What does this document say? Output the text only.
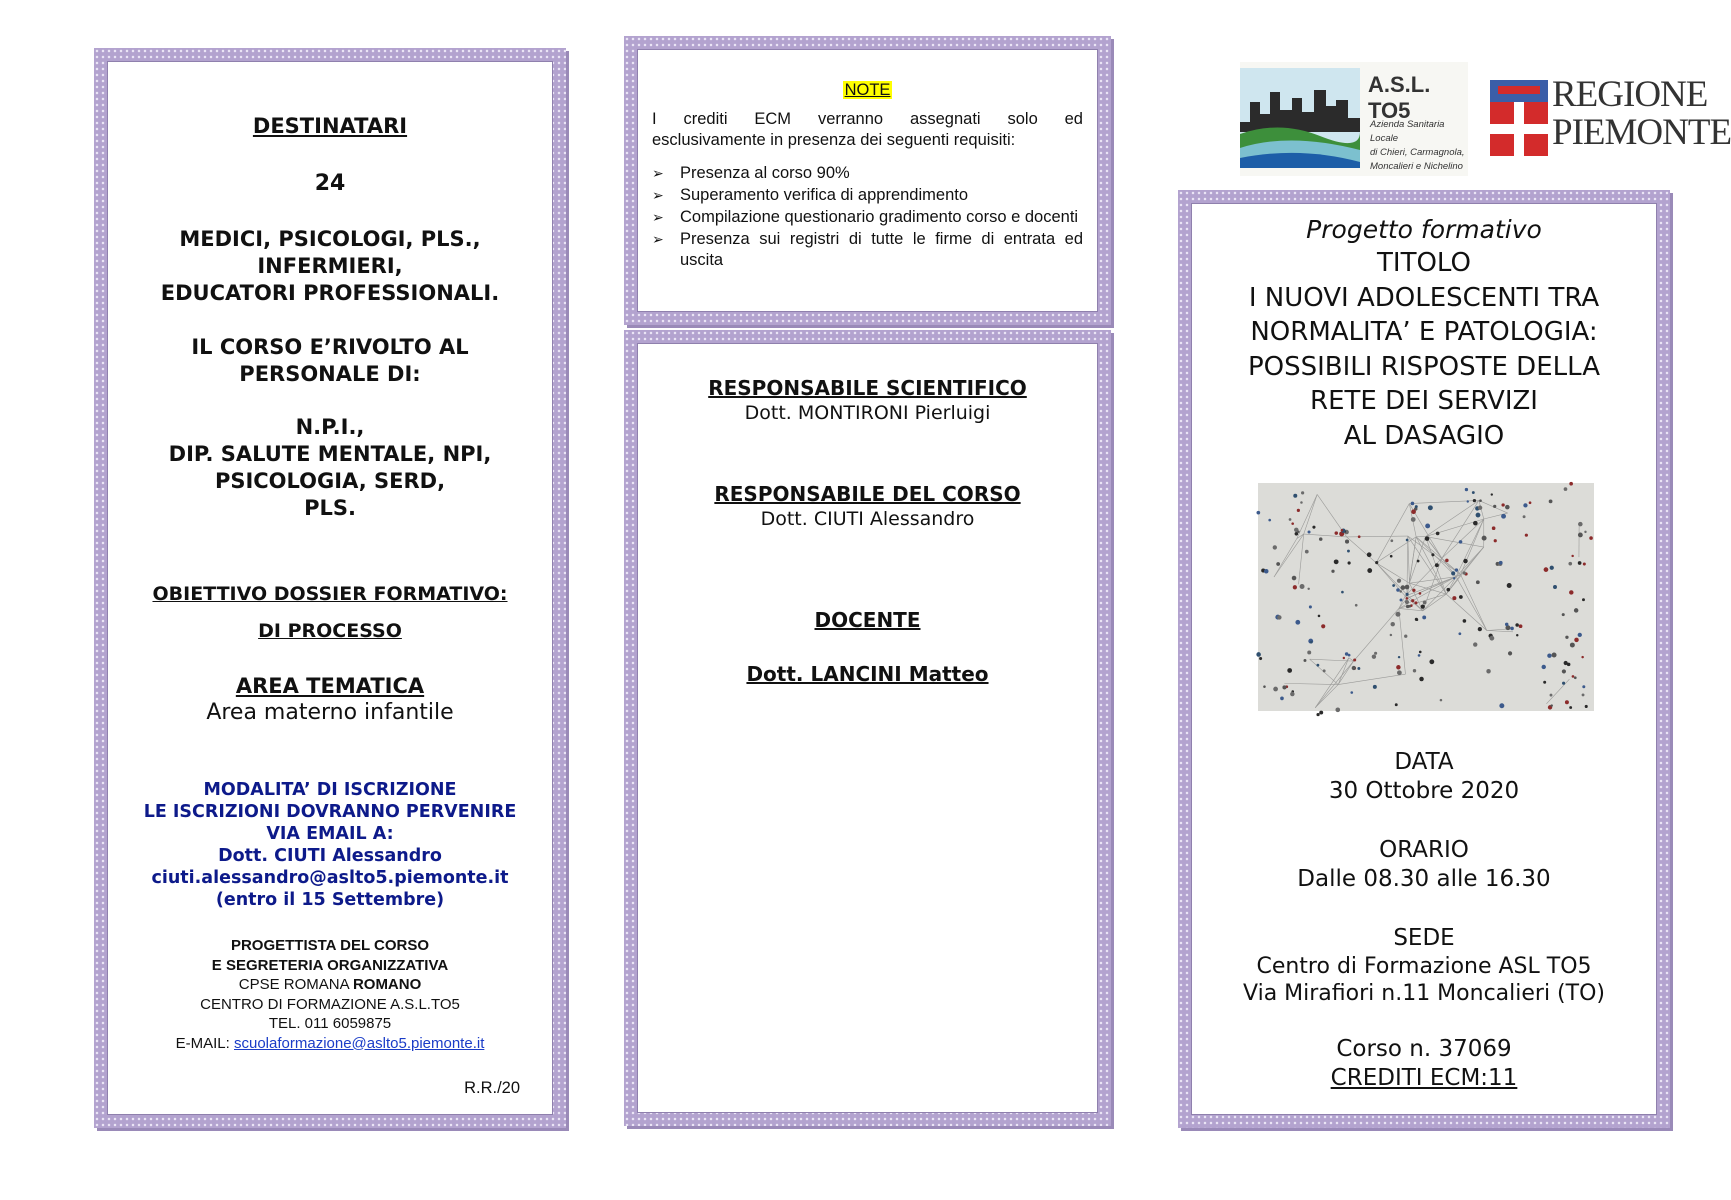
DESTINATARI
24
MEDICI, PSICOLOGI, PLS.,
INFERMIERI,
EDUCATORI PROFESSIONALI.
IL CORSO E’RIVOLTO AL
PERSONALE DI:
N.P.I.,
DIP. SALUTE MENTALE, NPI,
PSICOLOGIA, SERD,
PLS.
OBIETTIVO DOSSIER FORMATIVO:
DI PROCESSO
AREA TEMATICA
Area materno infantile
MODALITA’ DI ISCRIZIONE
LE ISCRIZIONI DOVRANNO PERVENIRE
VIA EMAIL A:
Dott. CIUTI Alessandro
ciuti.alessandro@aslto5.piemonte.it
(entro il 15 Settembre)
PROGETTISTA DEL CORSO
E SEGRETERIA ORGANIZZATIVA
CPSE ROMANA ROMANO
CENTRO DI FORMAZIONE A.S.L.TO5
TEL. 011 6059875
E-MAIL: scuolaformazione@aslto5.piemonte.it
R.R./20
NOTE
I crediti ECM verranno assegnati solo ed
esclusivamente in presenza dei seguenti requisiti:
➢ Presenza al corso 90%
➢ Superamento verifica di apprendimento
➢ Compilazione questionario gradimento corso e docenti
➢ Presenza sui registri di tutte le firme di entrata ed uscita
RESPONSABILE SCIENTIFICO
Dott. MONTIRONI Pierluigi
RESPONSABILE DEL CORSO
Dott. CIUTI Alessandro
DOCENTE
Dott. LANCINI Matteo
A.S.L. TO5
Azienda Sanitaria Locale
di Chieri, Carmagnola,
Moncalieri e Nichelino
REGIONE
PIEMONTE
Progetto formativo
TITOLO
I NUOVI ADOLESCENTI TRA
NORMALITA’ E PATOLOGIA:
POSSIBILI RISPOSTE DELLA
RETE DEI SERVIZI
AL DASAGIO
DATA
30 Ottobre 2020
ORARIO
Dalle 08.30 alle 16.30
SEDE
Centro di Formazione ASL TO5
Via Mirafiori n.11 Moncalieri (TO)
Corso n. 37069
CREDITI ECM:11
